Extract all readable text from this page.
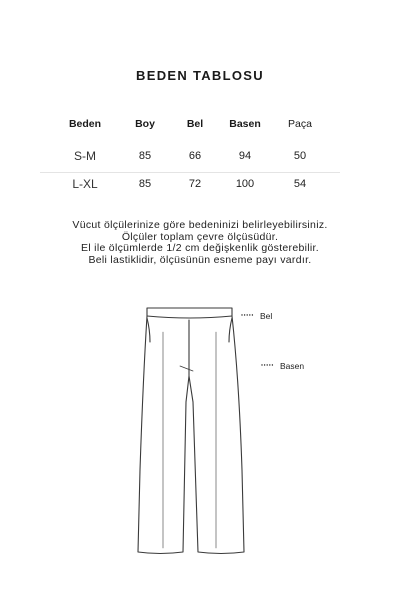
BEDEN TABLOSU
Beden	Boy	Bel	Basen	Paça
S-M	85	66	94	50
L-XL	85	72	100	54
Vücut ölçülerinize göre bedeninizi belirleyebilirsiniz.
Ölçüler toplam çevre ölçüsüdür.
El ile ölçümlerde 1/2 cm değişkenlik gösterebilir.
Beli lastiklidir, ölçüsünün esneme payı vardır.
Bel
Basen
